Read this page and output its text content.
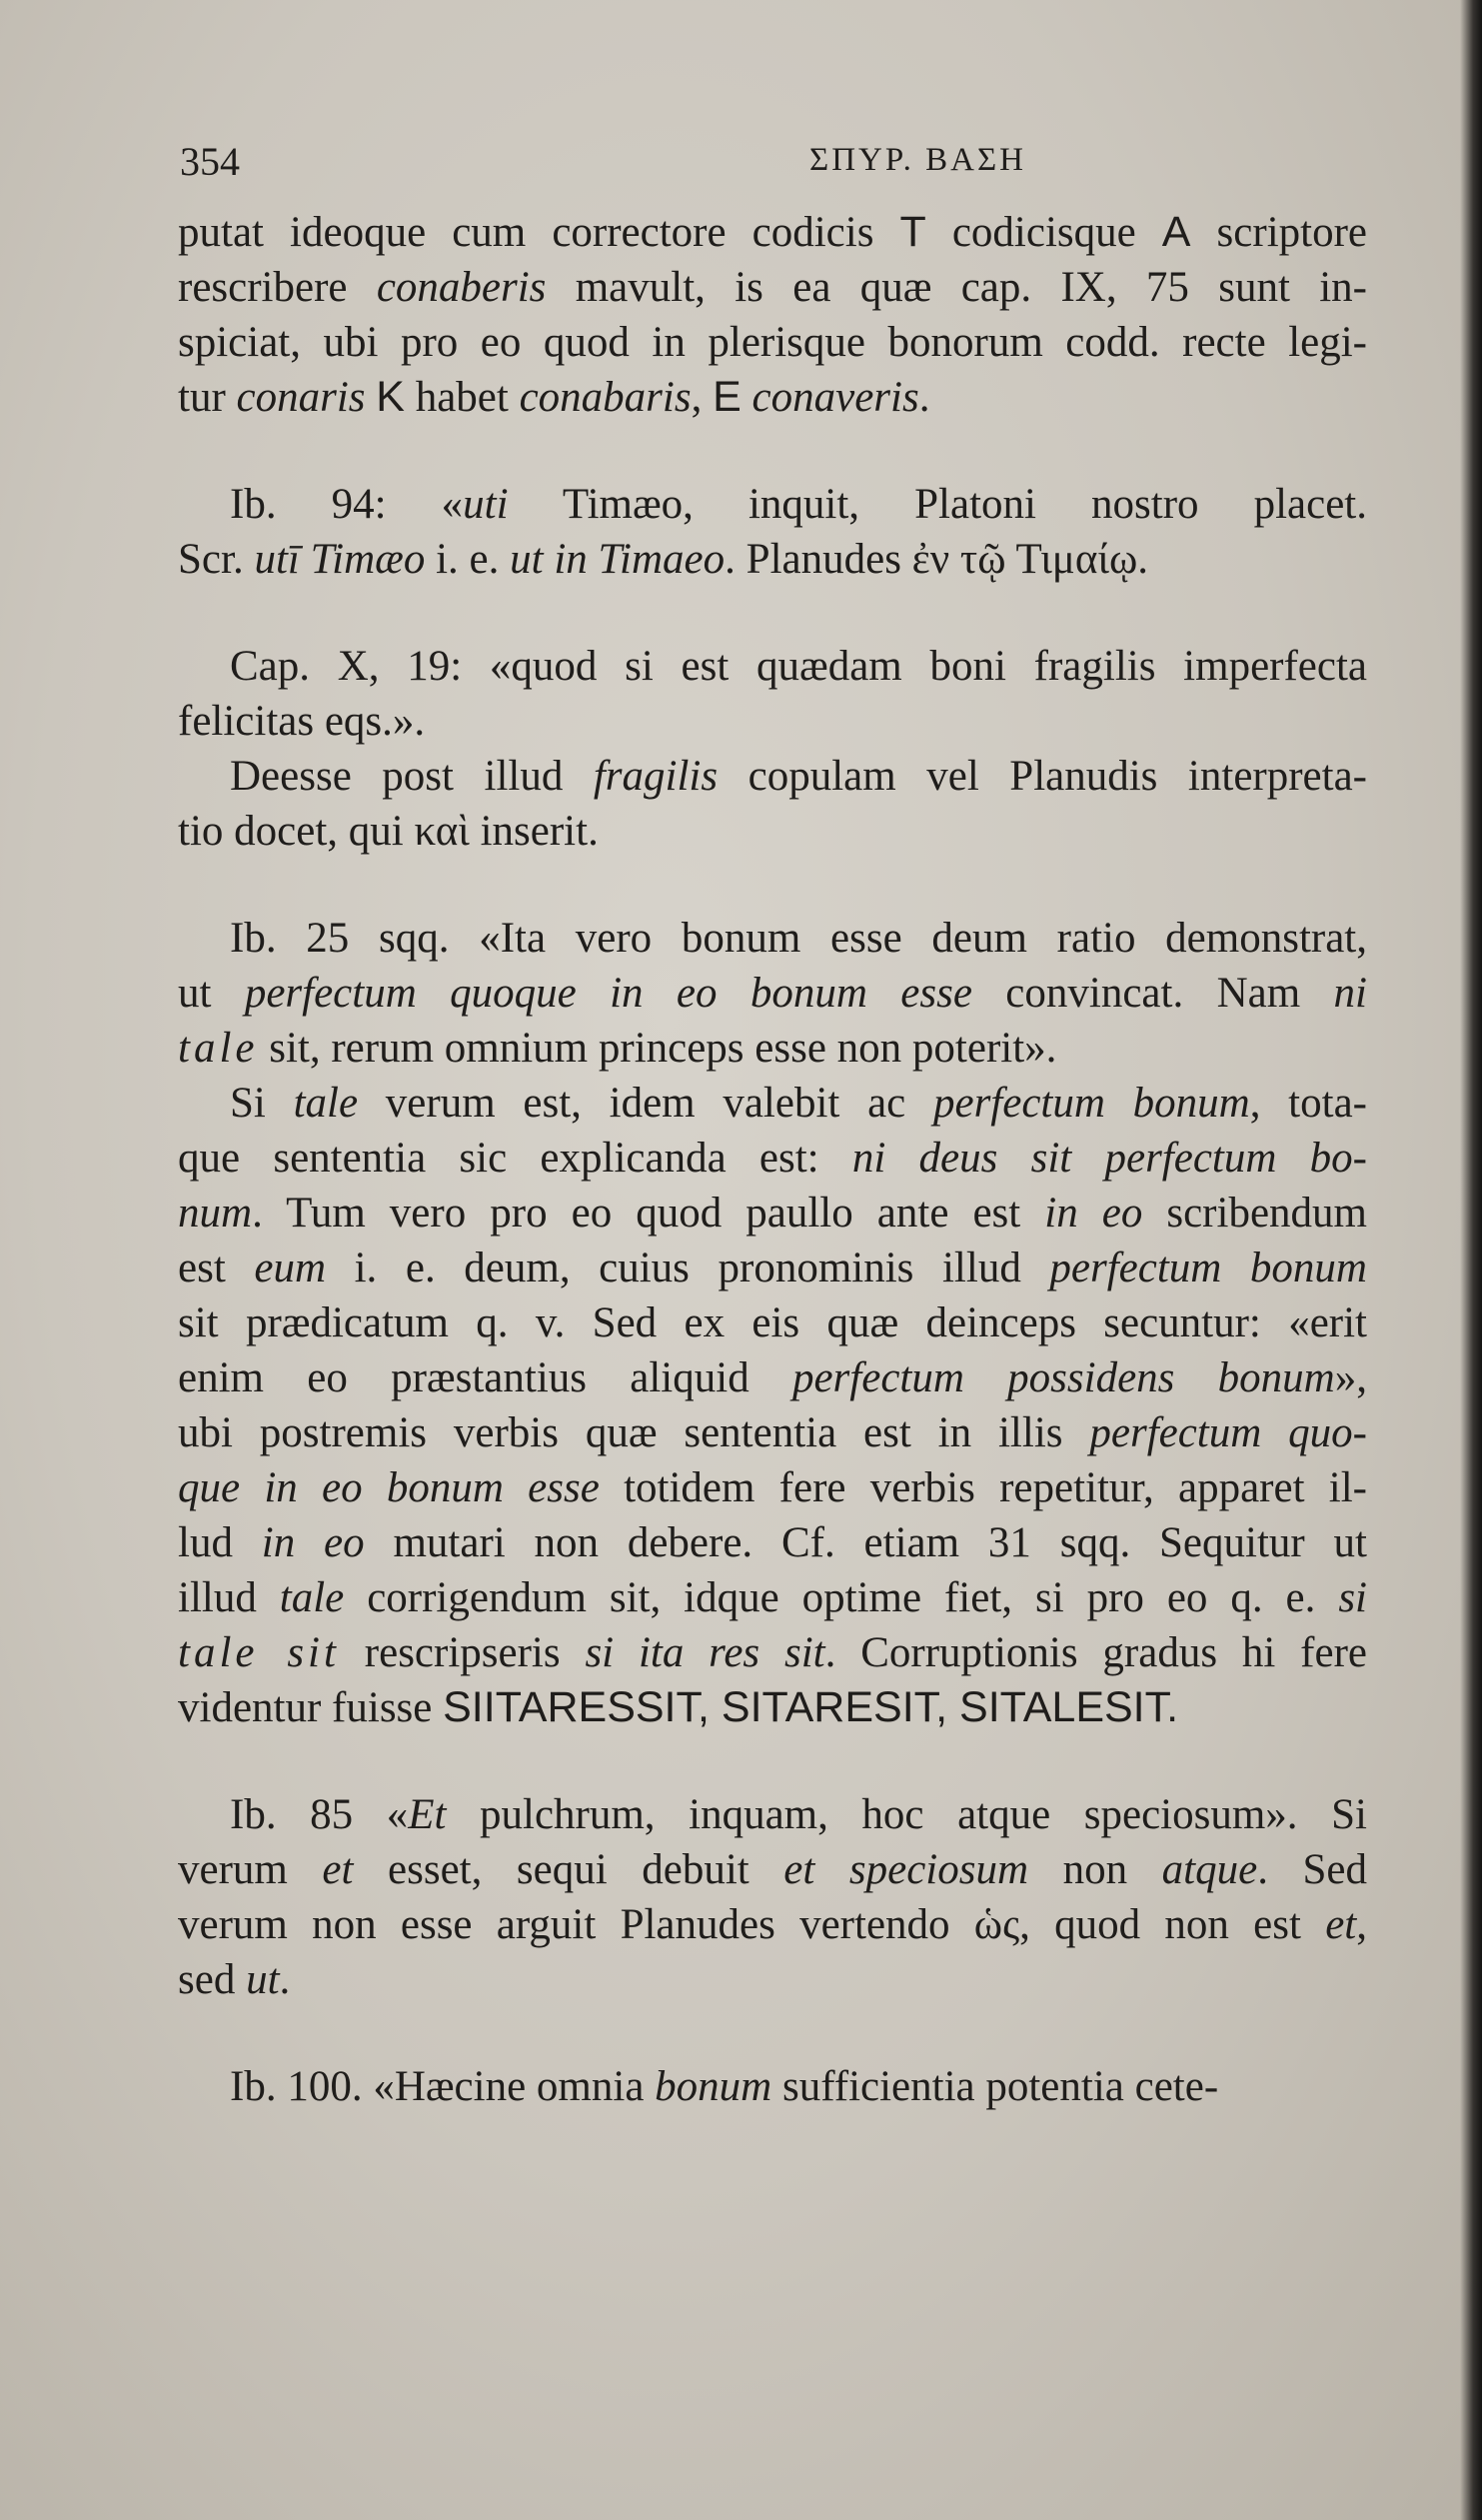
354	ΣΠΥΡ. ΒΑΣΗ
putat ideoque cum correctore codicis T codicisque A scriptore
rescribere conaberis mavult, is ea quæ cap. IX, 75 sunt in-
spiciat, ubi pro eo quod in plerisque bonorum codd. recte legi-
tur conaris K habet conabaris, E conaveris.
Ib. 94: «uti Timæo, inquit, Platoni nostro placet.
Scr. utī Timæo i. e. ut in Timaeo. Planudes ἐν τῷ Τιμαίῳ.
Cap. X, 19: «quod si est quædam boni fragilis imperfecta
felicitas eqs.».
Deesse post illud fragilis copulam vel Planudis interpreta-
tio docet, qui καὶ inserit.
Ib. 25 sqq. «Ita vero bonum esse deum ratio demonstrat,
ut perfectum quoque in eo bonum esse convincat. Nam ni
tale sit, rerum omnium princeps esse non poterit».
Si tale verum est, idem valebit ac perfectum bonum, tota-
que sententia sic explicanda est: ni deus sit perfectum bo-
num. Tum vero pro eo quod paullo ante est in eo scribendum
est eum i. e. deum, cuius pronominis illud perfectum bonum
sit prædicatum q. v. Sed ex eis quæ deinceps secuntur: «erit
enim eo præstantius aliquid perfectum possidens bonum»,
ubi postremis verbis quæ sententia est in illis perfectum quo-
que in eo bonum esse totidem fere verbis repetitur, apparet il-
lud in eo mutari non debere. Cf. etiam 31 sqq. Sequitur ut
illud tale corrigendum sit, idque optime fiet, si pro eo q. e. si
tale sit rescripseris si ita res sit. Corruptionis gradus hi fere
videntur fuisse SIITARESSIT, SITARESIT, SITALESIT.
Ib. 85 «Et pulchrum, inquam, hoc atque speciosum». Si
verum et esset, sequi debuit et speciosum non atque. Sed
verum non esse arguit Planudes vertendo ὡς, quod non est et,
sed ut.
Ib. 100. «Hæcine omnia bonum sufficientia potentia cete-
